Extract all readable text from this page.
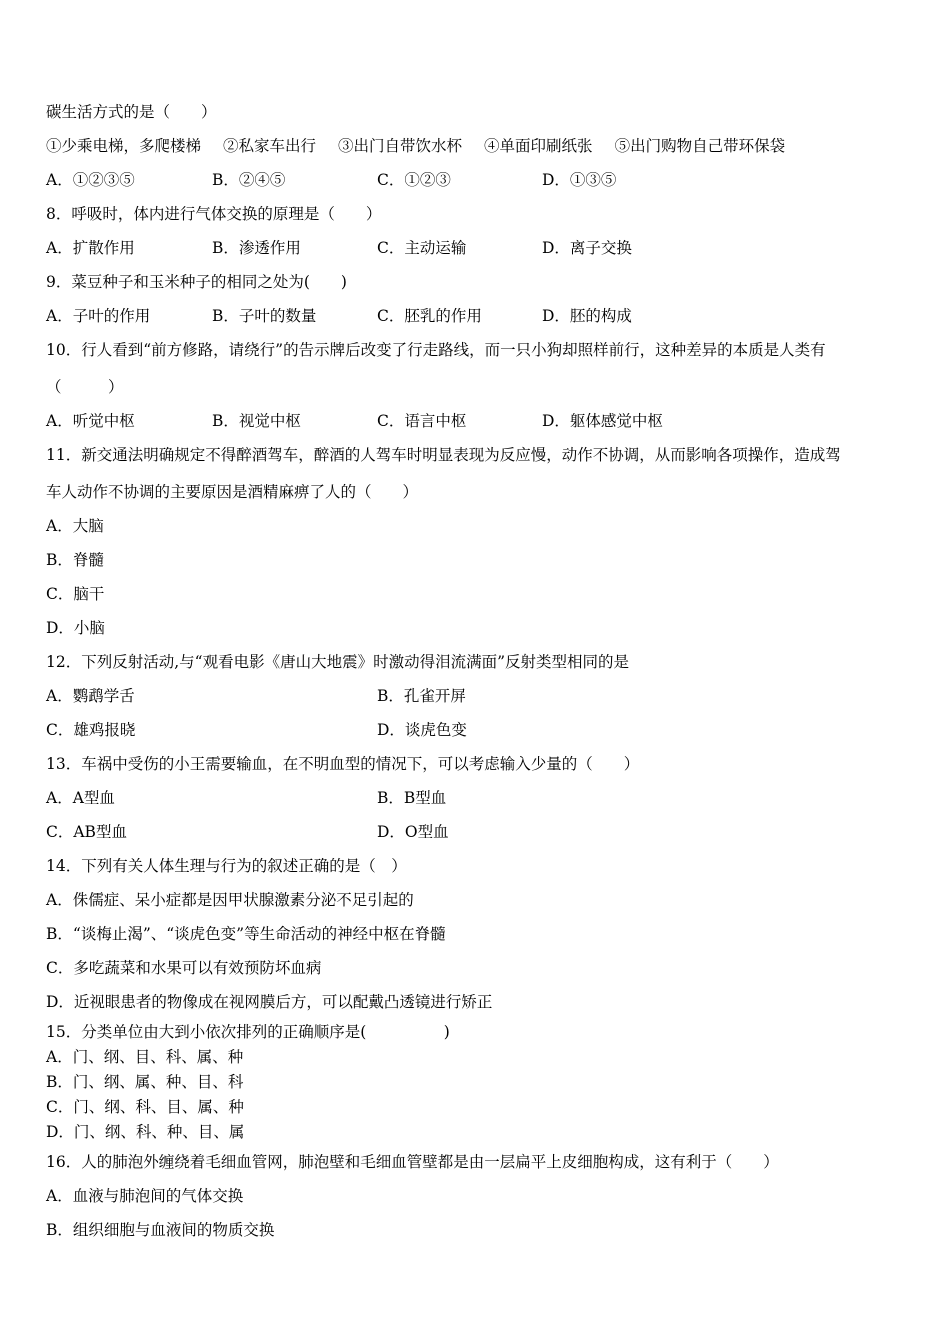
碳生活方式的是（　　）
①少乘电梯，多爬楼梯 ②私家车出行 ③出门自带饮水杯 ④单面印刷纸张 ⑤出门购物自己带环保袋
A．①②③⑤	B．②④⑤	C．①②③	D．①③⑤
8．呼吸时，体内进行气体交换的原理是（　　）
A．扩散作用	B．渗透作用	C．主动运输	D．离子交换
9．菜豆种子和玉米种子的相同之处为(　　)
A．子叶的作用	B．子叶的数量	C．胚乳的作用	D．胚的构成
10．行人看到“前方修路，请绕行”的告示牌后改变了行走路线，而一只小狗却照样前行，这种差异的本质是人类有
（　　　）
A．听觉中枢	B．视觉中枢	C．语言中枢	D．躯体感觉中枢
11．新交通法明确规定不得醉酒驾车，醉酒的人驾车时明显表现为反应慢，动作不协调，从而影响各项操作，造成驾
车人动作不协调的主要原因是酒精麻痹了人的（　　）
A．大脑
B．脊髓
C．脑干
D．小脑
12．下列反射活动,与“观看电影《唐山大地震》时激动得泪流满面”反射类型相同的是
A．鹦鹉学舌	B．孔雀开屏
C．雄鸡报晓	D．谈虎色变
13．车祸中受伤的小王需要输血，在不明血型的情况下，可以考虑输入少量的（　　）
A．A型血	B．B型血
C．AB型血	D．O型血
14．下列有关人体生理与行为的叙述正确的是（　）
A．侏儒症、呆小症都是因甲状腺激素分泌不足引起的
B．“谈梅止渴”、“谈虎色变”等生命活动的神经中枢在脊髓
C．多吃蔬菜和水果可以有效预防坏血病
D．近视眼患者的物像成在视网膜后方，可以配戴凸透镜进行矫正
15．分类单位由大到小依次排列的正确顺序是(　　　　　)
A．门、纲、目、科、属、种
B．门、纲、属、种、目、科
C．门、纲、科、目、属、种
D．门、纲、科、种、目、属
16．人的肺泡外缠绕着毛细血管网，肺泡壁和毛细血管壁都是由一层扁平上皮细胞构成，这有利于（　　）
A．血液与肺泡间的气体交换
B．组织细胞与血液间的物质交换
